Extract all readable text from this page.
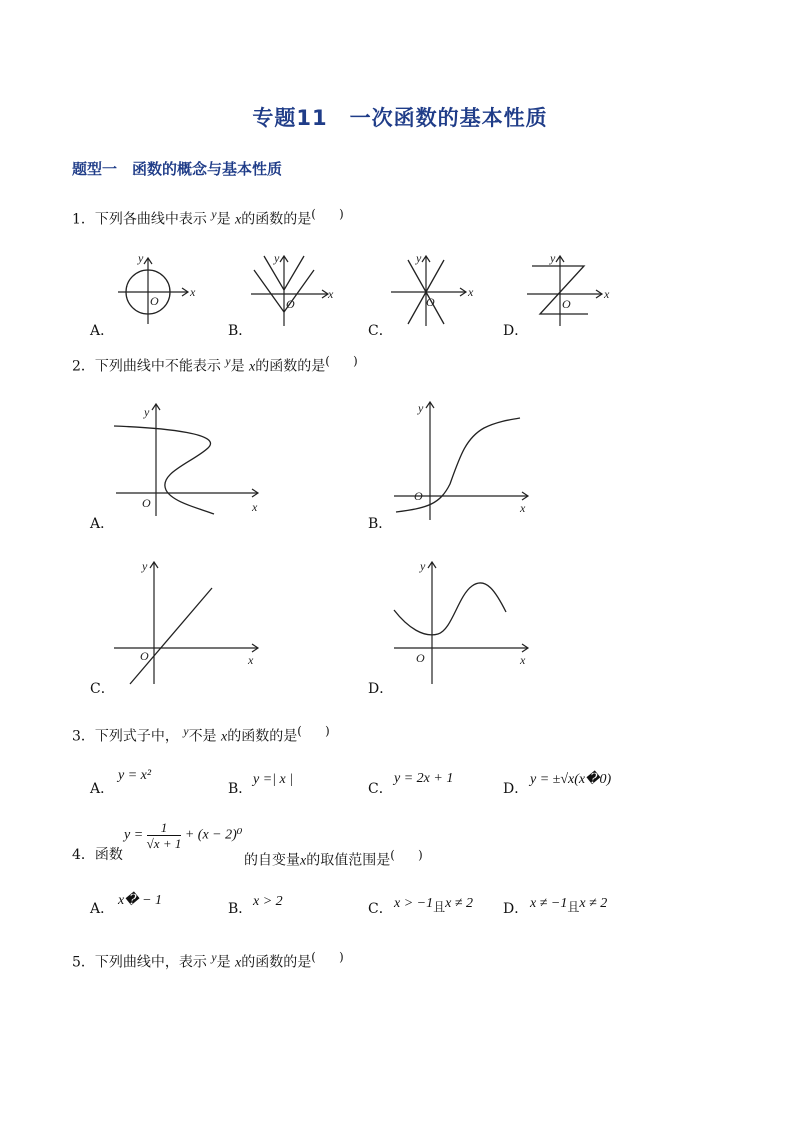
专题11　一次函数的基本性质
题型一　函数的概念与基本性质
1．下列各曲线中表示 $^y$是 x的函数的是(　　)
x
y
O
A．
x
y
O
B．
x
y
O
C．
x
y
O
D．
2．下列曲线中不能表示 $^y$是 x的函数的是(　　)
x
y
O
A．
x
y
O
B．
x
y
O
C．
x
y
O
D．
3．下列式子中， $^y$不是 x的函数的是(　　)
A．
y = x²
B．
y =| x |
C．
y = 2x + 1
D．
y = ±√x(x�0)
4．函数
$y = \frac{1}{√x + 1} + (x - 2)^0$
的自变量x的取值范围是(　　)
A．
x� − 1
B． x > 2	C． x > −1且x ≠ 2 D． x ≠ −1且x ≠ 2
5．下列曲线中，表示 $^y$是 x的函数的是(　　)
